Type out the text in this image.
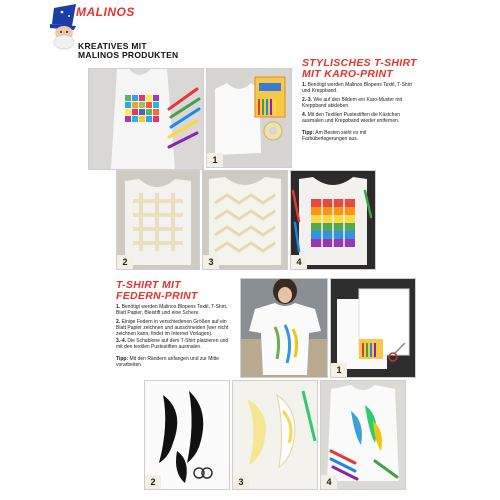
MALINOS
KREATIVES MIT
MALINOS PRODUKTEN
1
STYLISCHES T-SHIRT
MIT KARO-PRINT

1. Benötigt werden Malinos Blopens Textil, T-Shirt und Kreppband.

2.-3. Wie auf den Bildern ein Karo-Muster mit Kreppband abkleben.

4. Mit den Textilen Pustestiften die Kästchen ausmalen und Kreppband wieder entfernen.

Tipp: Am Besten sieht es mit Farbüberlagerungen aus.

2	3	4
T-SHIRT MIT
FEDERN-PRINT

1. Benötigt werden Malinos Blopens Textil, T-Shirt, Blatt Papier, Bleistift und eine Schere.

2. Einige Federn in verschiedenen Größen auf ein Blatt Papier zeichnen und ausschneiden (wer nicht zeichnen kann, findet im Internet Vorlagen).

3.-4. Die Schablone auf dem T-Shirt platzieren und mit den textilen Pustestiften ausmalen.

Tipp: Mit den Rändern anfangen und zur Mitte vorarbeiten.	1
2	3	4
